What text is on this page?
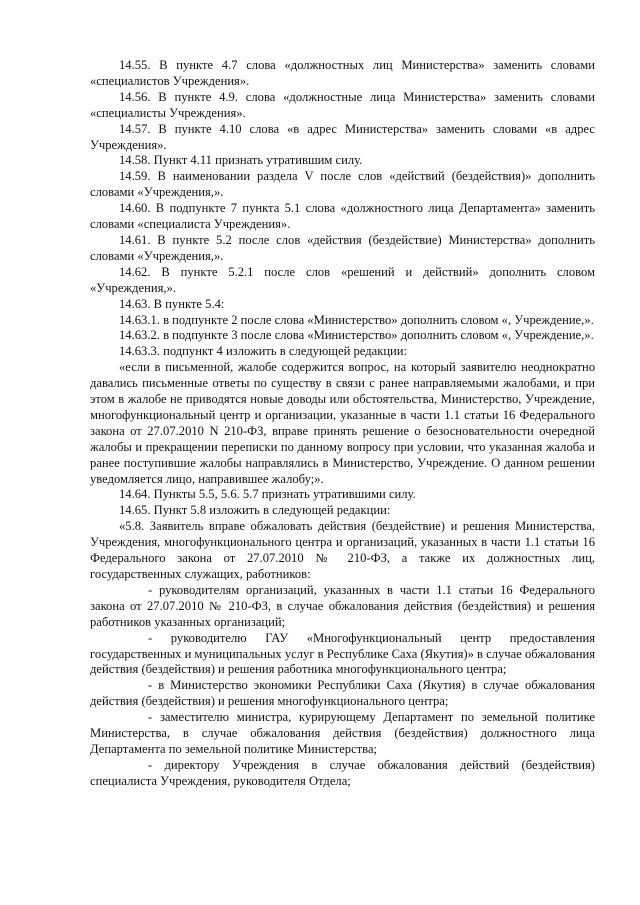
14.55. В пункте 4.7 слова «должностных лиц Министерства» заменить словами «специалистов Учреждения».

14.56. В пункте 4.9. слова «должностные лица Министерства» заменить словами «специалисты Учреждения».

14.57. В пункте 4.10 слова «в адрес Министерства» заменить словами «в адрес Учреждения».

14.58. Пункт 4.11 признать утратившим силу.

14.59. В наименовании раздела V после слов «действий (бездействия)» дополнить словами «Учреждения,».

14.60. В подпункте 7 пункта 5.1 слова «должностного лица Департамента» заменить словами «специалиста Учреждения».

14.61. В пункте 5.2 после слов «действия (бездействие) Министерства» дополнить словами «Учреждения,».

14.62. В пункте 5.2.1 после слов «решений и действий» дополнить словом «Учреждения,».

14.63. В пункте 5.4:

14.63.1. в подпункте 2 после слова «Министерство» дополнить словом «, Учреждение,».

14.63.2. в подпункте 3 после слова «Министерство» дополнить словом «, Учреждение,».

14.63.3. подпункт 4 изложить в следующей редакции:

«если в письменной, жалобе содержится вопрос, на который заявителю неоднократно давались письменные ответы по существу в связи с ранее направляемыми жалобами, и при этом в жалобе не приводятся новые доводы или обстоятельства, Министерство, Учреждение, многофункциональный центр и организации, указанные в части 1.1 статьи 16 Федерального закона от 27.07.2010 N 210-ФЗ, вправе принять решение о безосновательности очередной жалобы и прекращении переписки по данному вопросу при условии, что указанная жалоба и ранее поступившие жалобы направлялись в Министерство, Учреждение. О данном решении уведомляется лицо, направившее жалобу;».

14.64. Пункты 5.5, 5.6. 5.7 признать утратившими силу.

14.65. Пункт 5.8 изложить в следующей редакции:

«5.8. Заявитель вправе обжаловать действия (бездействие) и решения Министерства, Учреждения, многофункционального центра и организаций, указанных в части 1.1 статьи 16 Федерального закона от 27.07.2010 № 210-ФЗ, а также их должностных лиц, государственных служащих, работников:

- руководителям организаций, указанных в части 1.1 статьи 16 Федерального закона от 27.07.2010 № 210-ФЗ, в случае обжалования действия (бездействия) и решения работников указанных организаций;

- руководителю ГАУ «Многофункциональный центр предоставления государственных и муниципальных услуг в Республике Саха (Якутия)» в случае обжалования действия (бездействия) и решения работника многофункционального центра;

- в Министерство экономики Республики Саха (Якутия) в случае обжалования действия (бездействия) и решения многофункционального центра;

- заместителю министра, курирующему Департамент по земельной политике Министерства, в случае обжалования действия (бездействия) должностного лица Департамента по земельной политике Министерства;

- директору Учреждения в случае обжалования действий (бездействия) специалиста Учреждения, руководителя Отдела;
